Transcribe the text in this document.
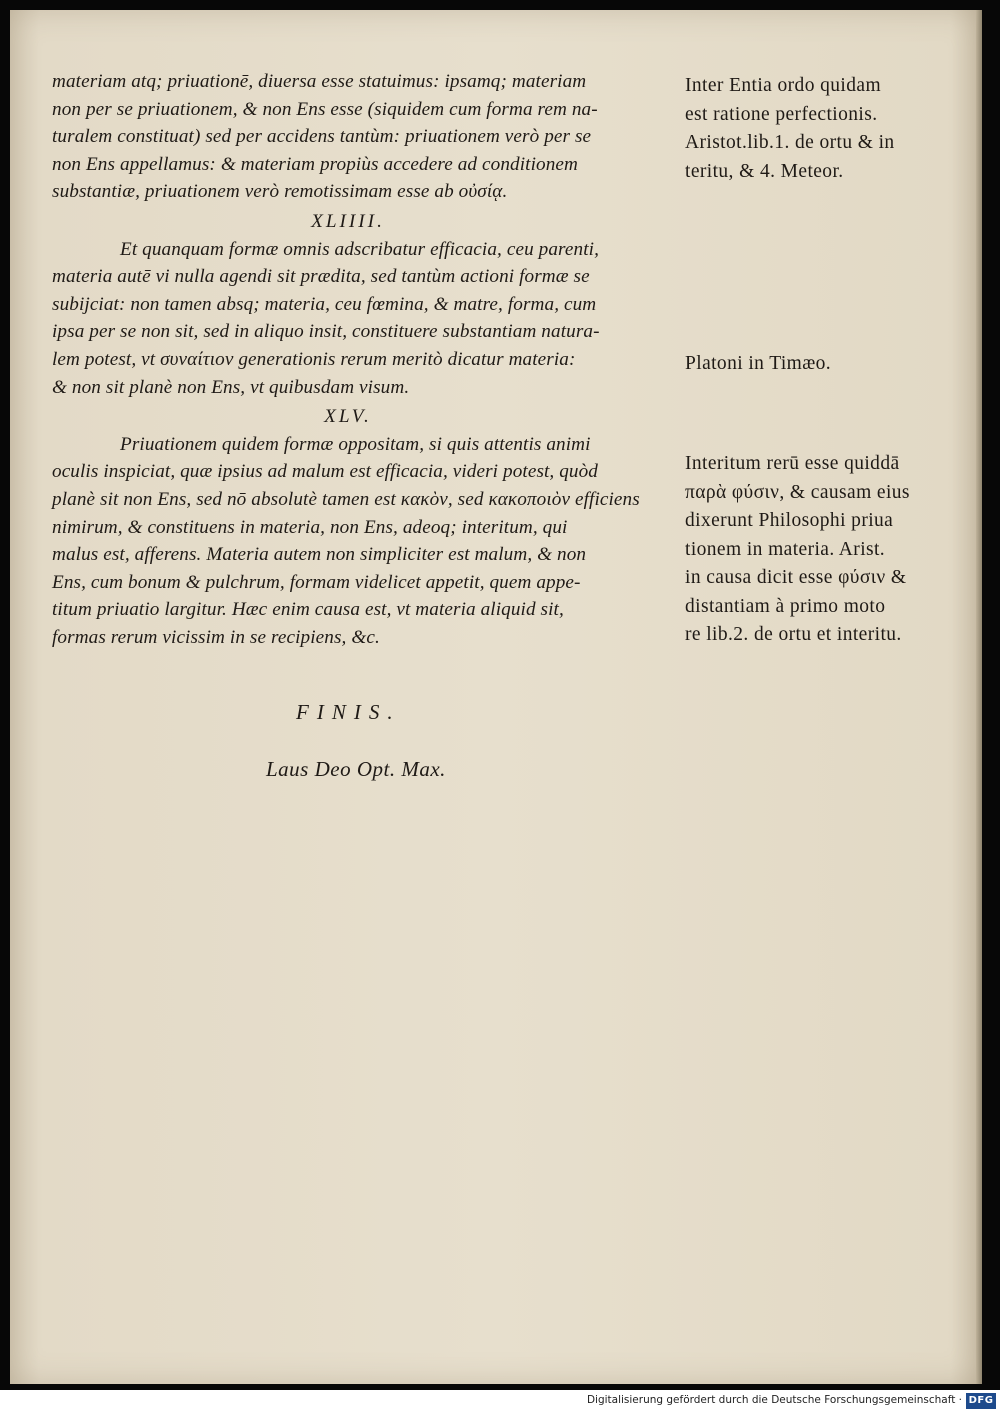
materiam atq; priuationē, diuersa esse statuimus: ipsamq; materiam

non per se priuationem, & non Ens esse (siquidem cum forma rem na-

turalem constituat) sed per accidens tantùm: priuationem verò per se

non Ens appellamus: & materiam propiùs accedere ad conditionem

substantiæ, priuationem verò remotissimam esse ab οὐσίᾳ.

XLIIII.

Et quanquam formæ omnis adscribatur efficacia, ceu parenti,

materia autē vi nulla agendi sit prædita, sed tantùm actioni formæ se

subijciat: non tamen absq; materia, ceu fœmina, & matre, forma, cum

ipsa per se non sit, sed in aliquo insit, constituere substantiam natura-

lem potest, vt συναίτιον generationis rerum meritò dicatur materia:

& non sit planè non Ens, vt quibusdam visum.

XLV.

Priuationem quidem formæ oppositam, si quis attentis animi

oculis inspiciat, quæ ipsius ad malum est efficacia, videri potest, quòd

planè sit non Ens, sed nō absolutè tamen est κακὸν, sed κακοποιὸν efficiens

nimirum, & constituens in materia, non Ens, adeoq; interitum, qui

malus est, afferens. Materia autem non simpliciter est malum, & non

Ens, cum bonum & pulchrum, formam videlicet appetit, quem appe-

titum priuatio largitur. Hæc enim causa est, vt materia aliquid sit,

formas rerum vicissim in se recipiens, &c.

FINIS.
Laus Deo Opt. Max.

Inter Entia ordo quidam

est ratione perfectionis.

Aristot.lib.1. de ortu & in

teritu, & 4. Meteor.

Platoni in Timæo.

Interitum rerū esse quiddā

παρὰ φύσιν, & causam eius

dixerunt Philosophi priua

tionem in materia. Arist.

in causa dicit esse φύσιν &

distantiam à primo moto

re lib.2. de ortu et interitu.

Digitalisierung gefördert durch die Deutsche Forschungsgemeinschaft · DFG
